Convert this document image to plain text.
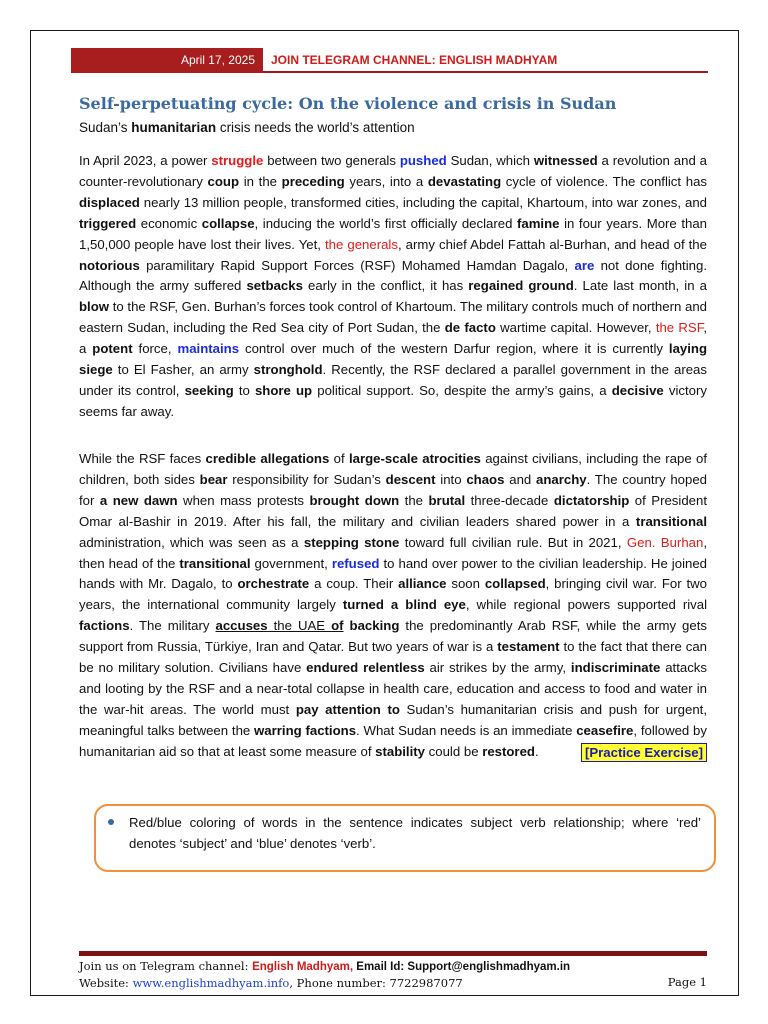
April 17, 2025	JOIN TELEGRAM CHANNEL: ENGLISH MADHYAM
Self-perpetuating cycle: On the violence and crisis in Sudan
Sudan’s humanitarian crisis needs the world’s attention
In April 2023, a power struggle between two generals pushed Sudan, which witnessed a revolution and a counter-revolutionary coup in the preceding years, into a devastating cycle of violence. The conflict has displaced nearly 13 million people, transformed cities, including the capital, Khartoum, into war zones, and triggered economic collapse, inducing the world’s first officially declared famine in four years. More than 1,50,000 people have lost their lives. Yet, the generals, army chief Abdel Fattah al-Burhan, and head of the notorious paramilitary Rapid Support Forces (RSF) Mohamed Hamdan Dagalo, are not done fighting. Although the army suffered setbacks early in the conflict, it has regained ground. Late last month, in a blow to the RSF, Gen. Burhan’s forces took control of Khartoum. The military controls much of northern and eastern Sudan, including the Red Sea city of Port Sudan, the de facto wartime capital. However, the RSF, a potent force, maintains control over much of the western Darfur region, where it is currently laying siege to El Fasher, an army stronghold. Recently, the RSF declared a parallel government in the areas under its control, seeking to shore up political support. So, despite the army’s gains, a decisive victory seems far away.
While the RSF faces credible allegations of large-scale atrocities against civilians, including the rape of children, both sides bear responsibility for Sudan’s descent into chaos and anarchy. The country hoped for a new dawn when mass protests brought down the brutal three-decade dictatorship of President Omar al-Bashir in 2019. After his fall, the military and civilian leaders shared power in a transitional administration, which was seen as a stepping stone toward full civilian rule. But in 2021, Gen. Burhan, then head of the transitional government, refused to hand over power to the civilian leadership. He joined hands with Mr. Dagalo, to orchestrate a coup. Their alliance soon collapsed, bringing civil war. For two years, the international community largely turned a blind eye, while regional powers supported rival factions. The military accuses the UAE of backing the predominantly Arab RSF, while the army gets support from Russia, Türkiye, Iran and Qatar. But two years of war is a testament to the fact that there can be no military solution. Civilians have endured relentless air strikes by the army, indiscriminate attacks and looting by the RSF and a near-total collapse in health care, education and access to food and water in the war-hit areas. The world must pay attention to Sudan’s humanitarian crisis and push for urgent, meaningful talks between the warring factions. What Sudan needs is an immediate ceasefire, followed by humanitarian aid so that at least some measure of stability could be restored.	[Practice Exercise]
Red/blue coloring of words in the sentence indicates subject verb relationship; where ‘red’ denotes ‘subject’ and ‘blue’ denotes ‘verb’.
Join us on Telegram channel: English Madhyam, Email Id: Support@englishmadhyam.in
Website: www.englishmadhyam.info, Phone number: 7722987077	Page 1
